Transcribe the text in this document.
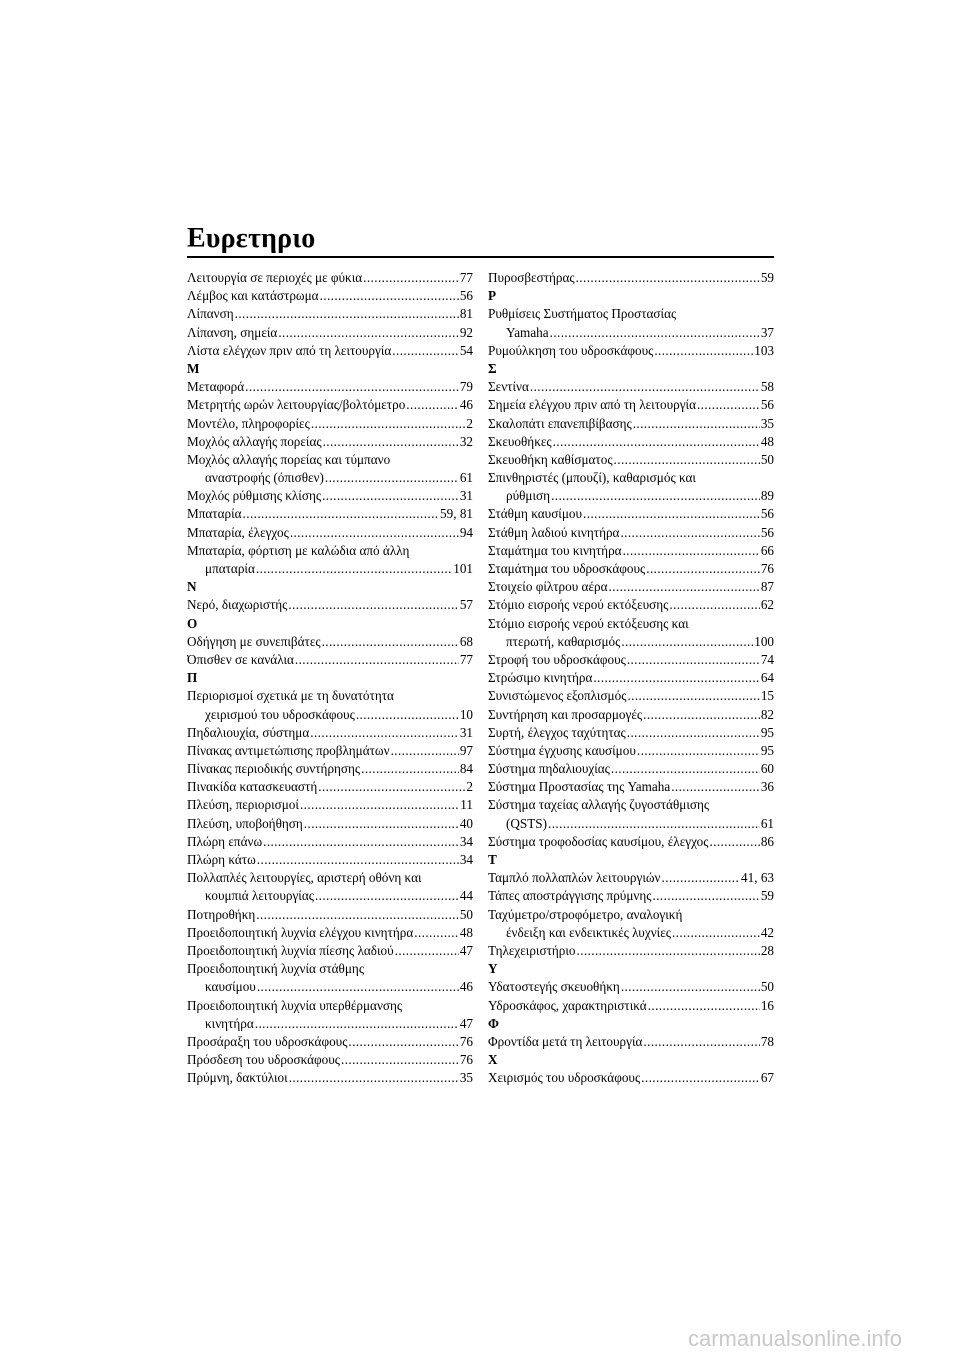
Ευρετηριο
Λειτουργία σε περιοχές με φύκια .....	77
Λέμβος και κατάστρωμα .....	56
Λίπανση .....	81
Λίπανση, σημεία .....	92
Λίστα ελέγχων πριν από τη λειτουργία .....	54
M
Μεταφορά .....	79
Μετρητής ωρών λειτουργίας/βολτόμετρο .....	46
Μοντέλο, πληροφορίες .....	2
Μοχλός αλλαγής πορείας .....	32
Μοχλός αλλαγής πορείας και τύμπανο
αναστροφής (όπισθεν) .....	61
Μοχλός ρύθμισης κλίσης .....	31
Μπαταρία .....	59, 81
Μπαταρία, έλεγχος .....	94
Μπαταρία, φόρτιση με καλώδια από άλλη
μπαταρία .....	101
N
Νερό, διαχωριστής .....	57
O
Οδήγηση με συνεπιβάτες .....	68
Όπισθεν σε κανάλια .....	77
Π
Περιορισμοί σχετικά με τη δυνατότητα
χειρισμού του υδροσκάφους .....	10
Πηδαλιουχία, σύστημα .....	31
Πίνακας αντιμετώπισης προβλημάτων .....	97
Πίνακας περιοδικής συντήρησης .....	84
Πινακίδα κατασκευαστή .....	2
Πλεύση, περιορισμοί .....	11
Πλεύση, υποβοήθηση .....	40
Πλώρη επάνω .....	34
Πλώρη κάτω .....	34
Πολλαπλές λειτουργίες, αριστερή οθόνη και
κουμπιά λειτουργίας .....	44
Ποτηροθήκη .....	50
Προειδοποιητική λυχνία ελέγχου κινητήρα .....	48
Προειδοποιητική λυχνία πίεσης λαδιού .....	47
Προειδοποιητική λυχνία στάθμης
καυσίμου .....	46
Προειδοποιητική λυχνία υπερθέρμανσης
κινητήρα .....	47
Προσάραξη του υδροσκάφους .....	76
Πρόσδεση του υδροσκάφους .....	76
Πρύμνη, δακτύλιοι .....	35
Πυροσβεστήρας .....	59
P
Ρυθμίσεις Συστήματος Προστασίας
Yamaha .....	37
Ρυμούλκηση του υδροσκάφους .....	103
Σ
Σεντίνα .....	58
Σημεία ελέγχου πριν από τη λειτουργία .....	56
Σκαλοπάτι επανεπιβίβασης .....	35
Σκευοθήκες .....	48
Σκευοθήκη καθίσματος .....	50
Σπινθηριστές (μπουζί), καθαρισμός και
ρύθμιση .....	89
Στάθμη καυσίμου .....	56
Στάθμη λαδιού κινητήρα .....	56
Σταμάτημα του κινητήρα .....	66
Σταμάτημα του υδροσκάφους .....	76
Στοιχείο φίλτρου αέρα .....	87
Στόμιο εισροής νερού εκτόξευσης .....	62
Στόμιο εισροής νερού εκτόξευσης και
πτερωτή, καθαρισμός .....	100
Στροφή του υδροσκάφους .....	74
Στρώσιμο κινητήρα .....	64
Συνιστώμενος εξοπλισμός .....	15
Συντήρηση και προσαρμογές .....	82
Συρτή, έλεγχος ταχύτητας .....	95
Σύστημα έγχυσης καυσίμου .....	95
Σύστημα πηδαλιουχίας .....	60
Σύστημα Προστασίας της Yamaha .....	36
Σύστημα ταχείας αλλαγής ζυγοστάθμισης
(QSTS) .....	61
Σύστημα τροφοδοσίας καυσίμου, έλεγχος .....	86
T
Ταμπλό πολλαπλών λειτουργιών .....	41, 63
Τάπες αποστράγγισης πρύμνης .....	59
Ταχύμετρο/στροφόμετρο, αναλογική
ένδειξη και ενδεικτικές λυχνίες .....	42
Τηλεχειριστήριο .....	28
Y
Υδατοστεγής σκευοθήκη .....	50
Υδροσκάφος, χαρακτηριστικά .....	16
Φ
Φροντίδα μετά τη λειτουργία .....	78
X
Χειρισμός του υδροσκάφους .....	67
carmanualsonline.info
